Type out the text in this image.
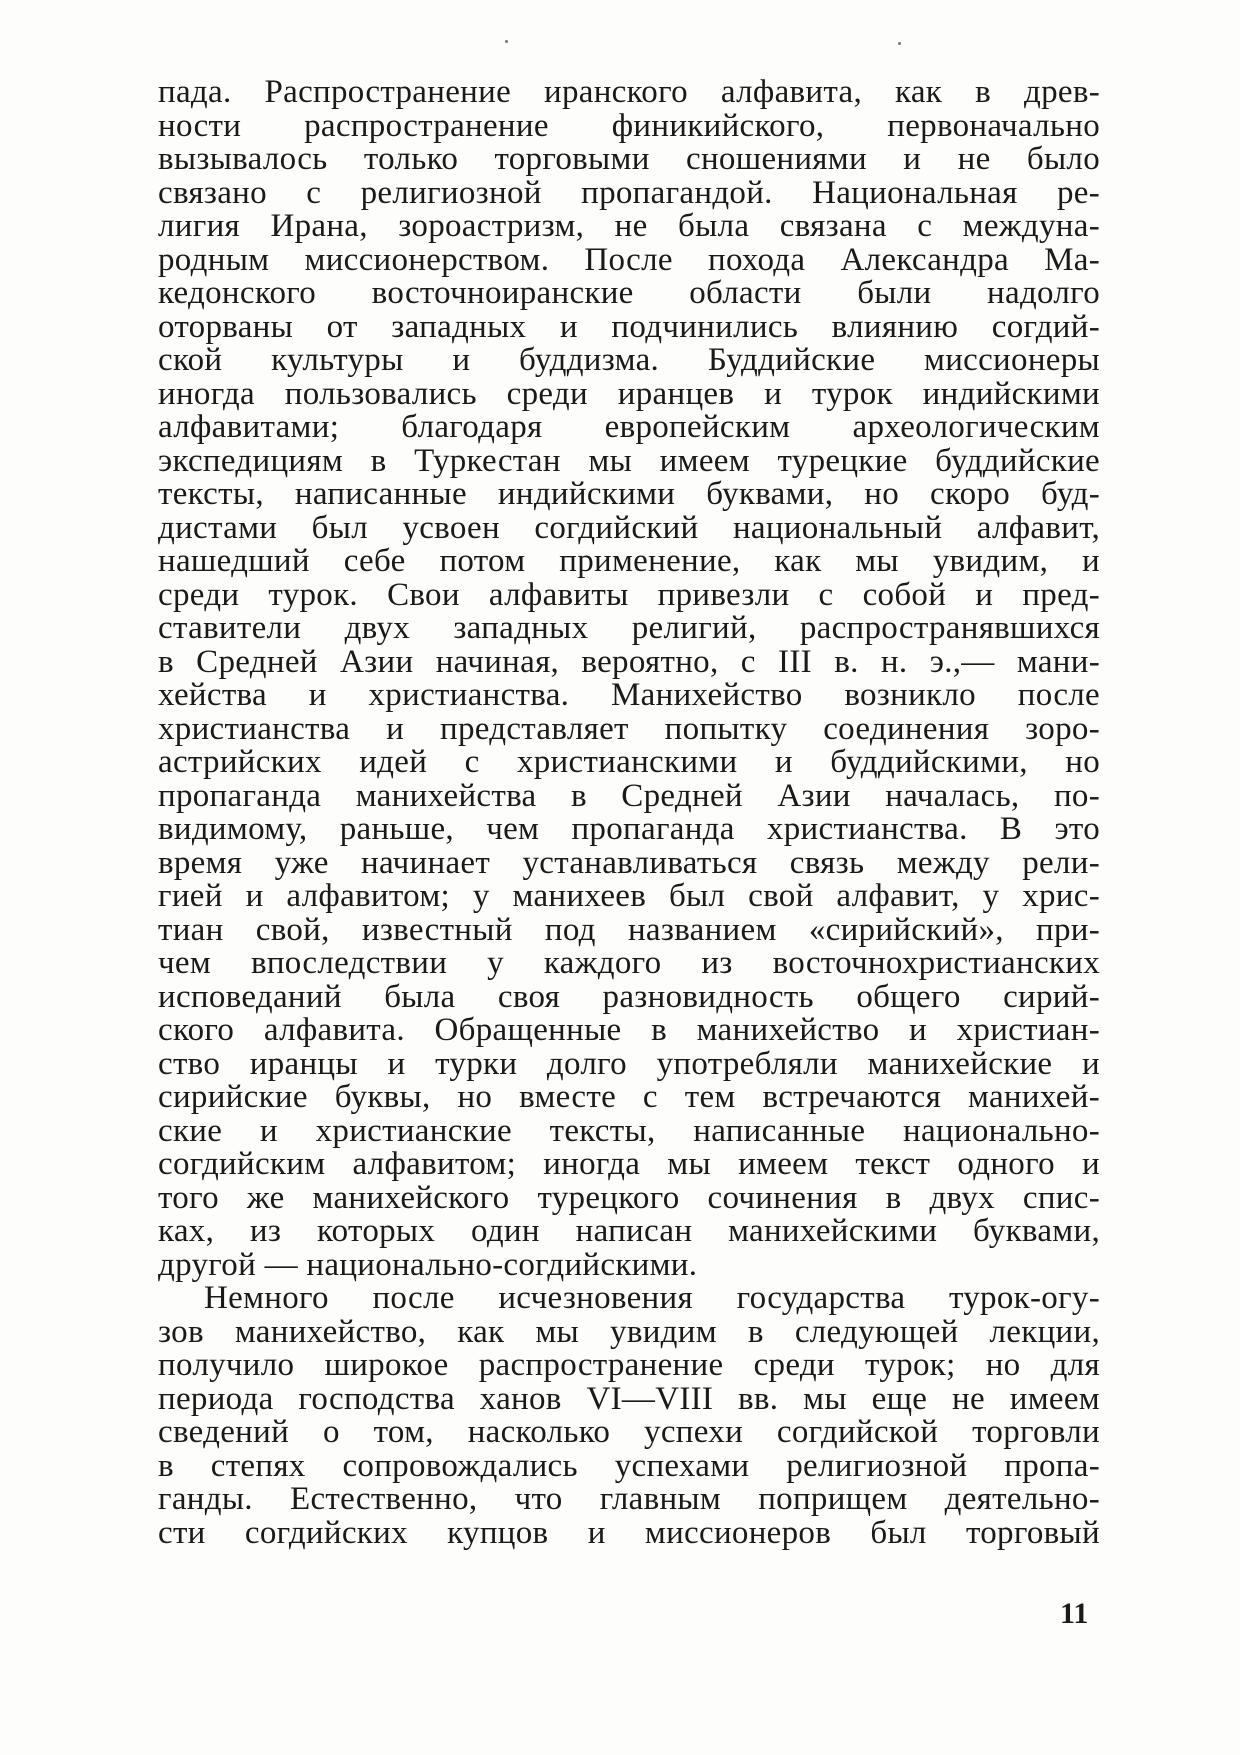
пада. Распространение иранского алфавита, как в древ-
ности распространение финикийского, первоначально
вызывалось только торговыми сношениями и не было
связано с религиозной пропагандой. Национальная ре-
лигия Ирана, зороастризм, не была связана с междуна-
родным миссионерством. После похода Александра Ма-
кедонского восточноиранские области были надолго
оторваны от западных и подчинились влиянию согдий-
ской культуры и буддизма. Буддийские миссионеры
иногда пользовались среди иранцев и турок индийскими
алфавитами; благодаря европейским археологическим
экспедициям в Туркестан мы имеем турецкие буддийские
тексты, написанные индийскими буквами, но скоро буд-
дистами был усвоен согдийский национальный алфавит,
нашедший себе потом применение, как мы увидим, и
среди турок. Свои алфавиты привезли с собой и пред-
ставители двух западных религий, распространявшихся
в Средней Азии начиная, вероятно, с III в. н. э.,— мани-
хейства и христианства. Манихейство возникло после
христианства и представляет попытку соединения зоро-
астрийских идей с христианскими и буддийскими, но
пропаганда манихейства в Средней Азии началась, по-
видимому, раньше, чем пропаганда христианства. В это
время уже начинает устанавливаться связь между рели-
гией и алфавитом; у манихеев был свой алфавит, у хрис-
тиан свой, известный под названием «сирийский», при-
чем впоследствии у каждого из восточнохристианских
исповеданий была своя разновидность общего сирий-
ского алфавита. Обращенные в манихейство и христиан-
ство иранцы и турки долго употребляли манихейские и
сирийские буквы, но вместе с тем встречаются манихей-
ские и христианские тексты, написанные национально-
согдийским алфавитом; иногда мы имеем текст одного и
того же манихейского турецкого сочинения в двух спис-
ках, из которых один написан манихейскими буквами,
другой — национально-согдийскими.
Немного после исчезновения государства турок-огу-
зов манихейство, как мы увидим в следующей лекции,
получило широкое распространение среди турок; но для
периода господства ханов VI—VIII вв. мы еще не имеем
сведений о том, насколько успехи согдийской торговли
в степях сопровождались успехами религиозной пропа-
ганды. Естественно, что главным поприщем деятельно-
сти согдийских купцов и миссионеров был торговый
11
